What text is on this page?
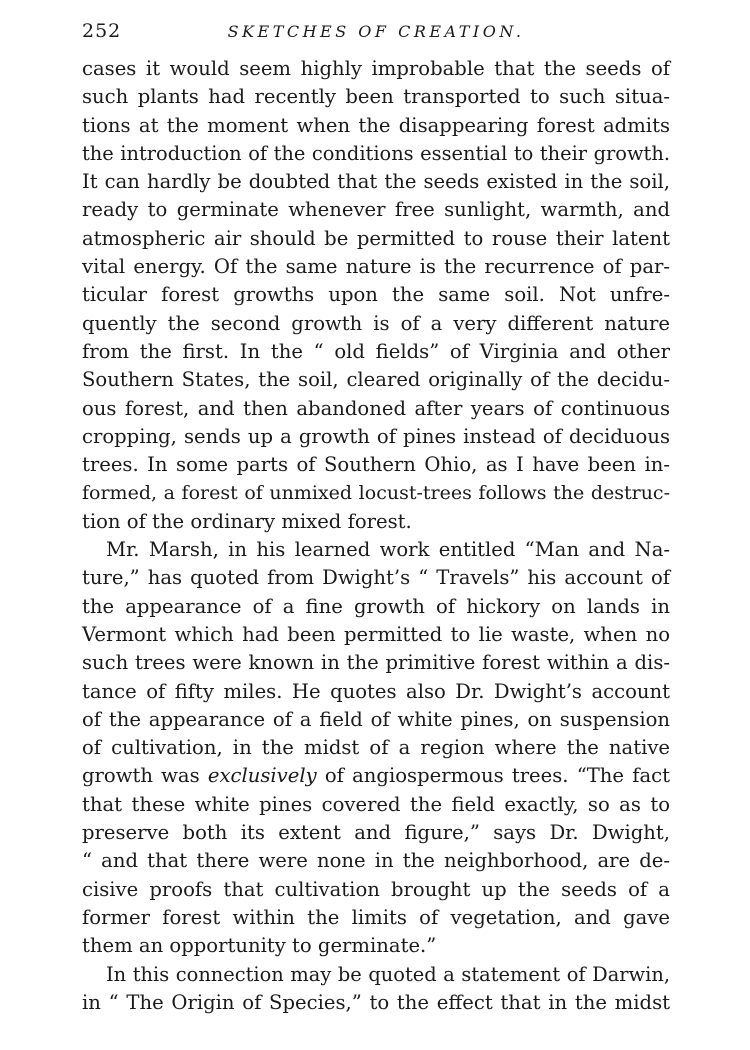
252	SKETCHES OF CREATION.
cases it would seem highly improbable that the seeds of
such plants had recently been transported to such situa-
tions at the moment when the disappearing forest admits
the introduction of the conditions essential to their growth.
It can hardly be doubted that the seeds existed in the soil,
ready to germinate whenever free sunlight, warmth, and
atmospheric air should be permitted to rouse their latent
vital energy. Of the same nature is the recurrence of par-
ticular forest growths upon the same soil. Not unfre-
quently the second growth is of a very different nature
from the first. In the “ old fields” of Virginia and other
Southern States, the soil, cleared originally of the decidu-
ous forest, and then abandoned after years of continuous
cropping, sends up a growth of pines instead of deciduous
trees. In some parts of Southern Ohio, as I have been in-
formed, a forest of unmixed locust-trees follows the destruc-
tion of the ordinary mixed forest.
Mr. Marsh, in his learned work entitled “Man and Na-
ture,” has quoted from Dwight’s “ Travels” his account of
the appearance of a fine growth of hickory on lands in
Vermont which had been permitted to lie waste, when no
such trees were known in the primitive forest within a dis-
tance of fifty miles. He quotes also Dr. Dwight’s account
of the appearance of a field of white pines, on suspension
of cultivation, in the midst of a region where the native
growth was exclusively of angiospermous trees. “The fact
that these white pines covered the field exactly, so as to
preserve both its extent and figure,” says Dr. Dwight,
“ and that there were none in the neighborhood, are de-
cisive proofs that cultivation brought up the seeds of a
former forest within the limits of vegetation, and gave
them an opportunity to germinate.”
In this connection may be quoted a statement of Darwin,
in “ The Origin of Species,” to the effect that in the midst
